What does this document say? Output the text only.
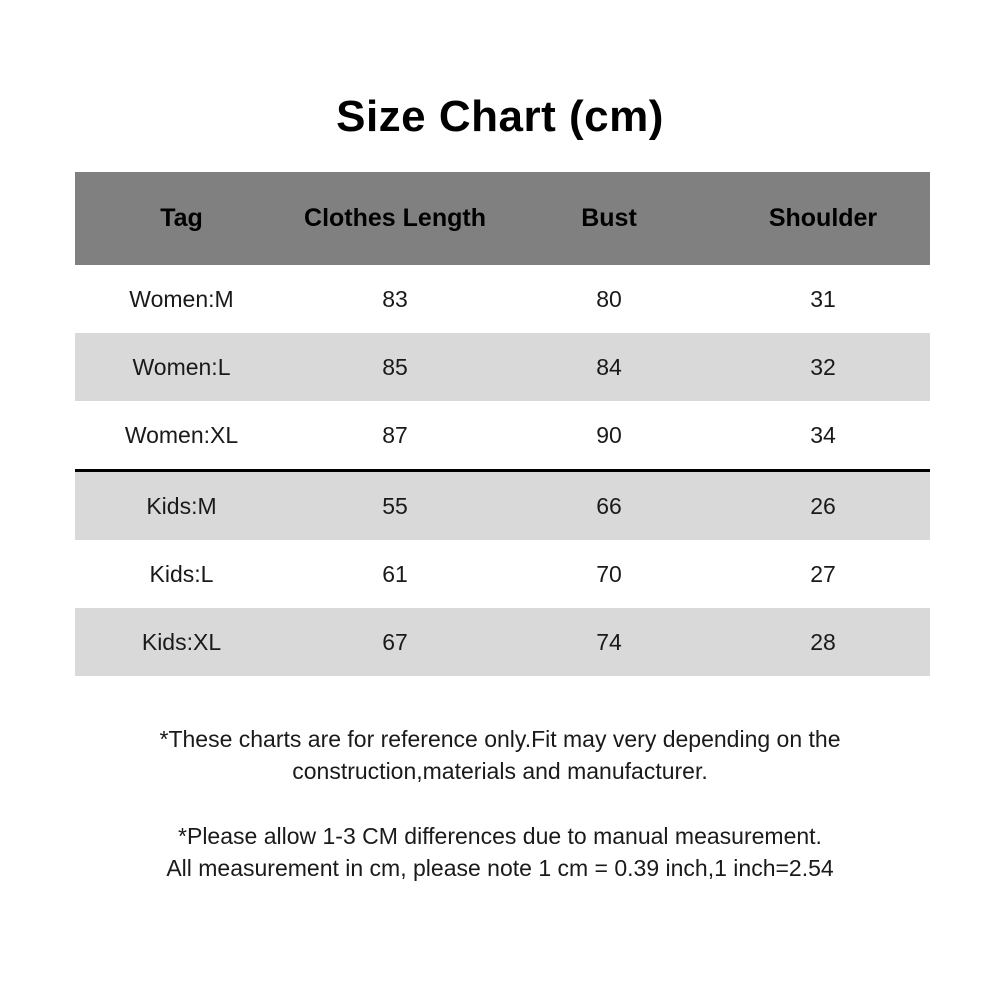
Size Chart (cm)
Tag	Clothes Length	Bust	Shoulder
Women:M	83	80	31
Women:L	85	84	32
Women:XL	87	90	34
Kids:M	55	66	26
Kids:L	61	70	27
Kids:XL	67	74	28

*These charts are for reference only.Fit may very depending on the

construction,materials and manufacturer.

*Please allow 1-3 CM differences due to manual measurement.

All measurement in cm, please note 1 cm = 0.39 inch,1 inch=2.54
